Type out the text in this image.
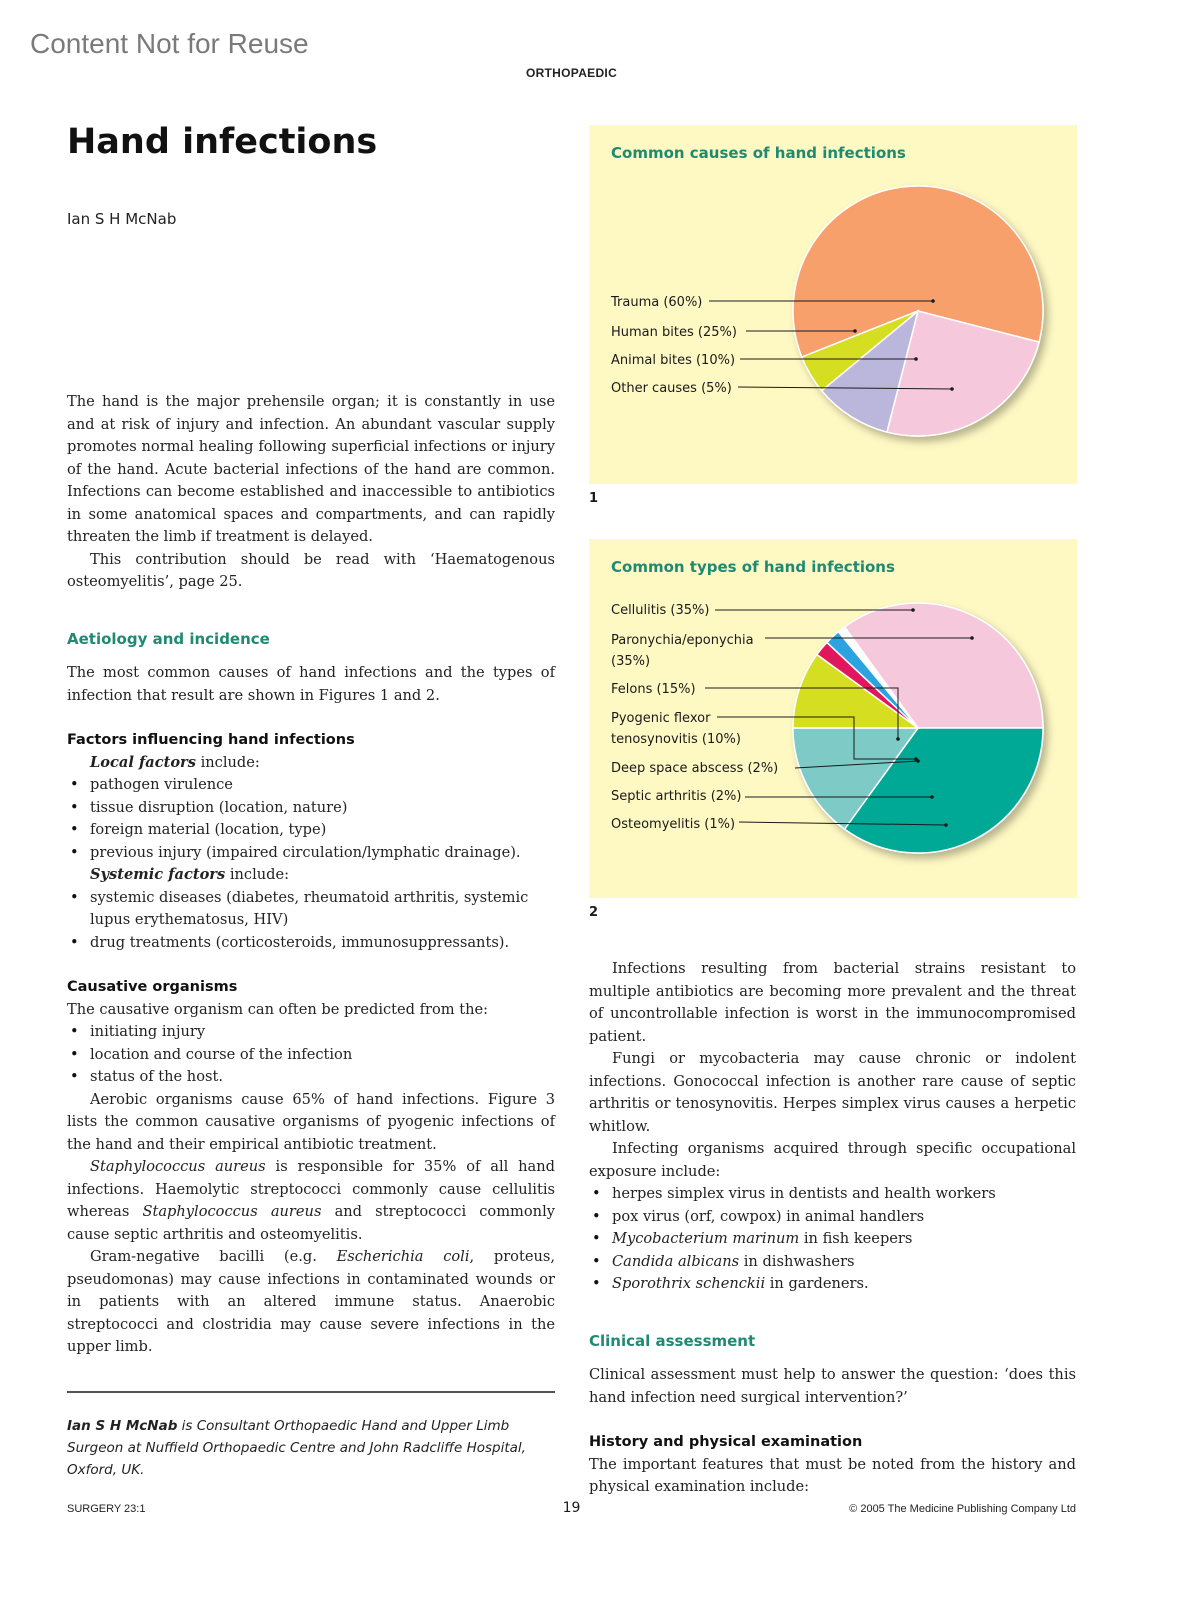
Content Not for Reuse
ORTHOPAEDIC
Hand infections
Ian S H McNab

The hand is the major prehensile organ; it is constantly in use and at risk of injury and infection. An abundant vascular supply promotes normal healing following superficial infections or injury of the hand. Acute bacterial infections of the hand are common. Infections can become established and inaccessible to antibiotics in some anatomical spaces and compartments, and can rapidly threaten the limb if treatment is delayed.

This contribution should be read with ‘Haematogenous osteomyelitis’, page 25.

Aetiology and incidence

The most common causes of hand infections and the types of infection that result are shown in Figures 1 and 2.

Factors influencing hand infections

Local factors include:

• pathogen virulence
• tissue disruption (location, nature)
• foreign material (location, type)
• previous injury (impaired circulation/lymphatic drainage).

Systemic factors include:

• systemic diseases (diabetes, rheumatoid arthritis, systemic lupus erythematosus, HIV)
• drug treatments (corticosteroids, immunosuppressants).

Causative organisms

The causative organism can often be predicted from the:

• initiating injury
• location and course of the infection
• status of the host.

Aerobic organisms cause 65% of hand infections. Figure 3 lists the common causative organisms of pyogenic infections of the hand and their empirical antibiotic treatment.

Staphylococcus aureus is responsible for 35% of all hand infections. Haemolytic streptococci commonly cause cellulitis whereas Staphylococcus aureus and streptococci commonly cause septic arthritis and osteomyelitis.

Gram-negative bacilli (e.g. Escherichia coli, proteus, pseudomonas) may cause infections in contaminated wounds or in patients with an altered immune status. Anaerobic streptococci and clostridia may cause severe infections in the upper limb.

Ian S H McNab is Consultant Orthopaedic Hand and Upper Limb Surgeon at Nuffield Orthopaedic Centre and John Radcliffe Hospital, Oxford, UK.
Common causes of hand infections
Trauma (60%)
Human bites (25%)
Animal bites (10%)
Other causes (5%)
1
Common types of hand infections
Cellulitis (35%)
Paronychia/eponychia
(35%)
Felons (15%)
Pyogenic flexor
tenosynovitis (10%)
Deep space abscess (2%)
Septic arthritis (2%)
Osteomyelitis (1%)
2

Infections resulting from bacterial strains resistant to multiple antibiotics are becoming more prevalent and the threat of uncontrollable infection is worst in the immunocompromised patient.

Fungi or mycobacteria may cause chronic or indolent infections. Gonococcal infection is another rare cause of septic arthritis or tenosynovitis. Herpes simplex virus causes a herpetic whitlow.

Infecting organisms acquired through specific occupational exposure include:

• herpes simplex virus in dentists and health workers
• pox virus (orf, cowpox) in animal handlers
• Mycobacterium marinum in fish keepers
• Candida albicans in dishwashers
• Sporothrix schenckii in gardeners.

Clinical assessment

Clinical assessment must help to answer the question: ‘does this hand infection need surgical intervention?’

History and physical examination

The important features that must be noted from the history and physical examination include:

SURGERY 23:1	19	© 2005 The Medicine Publishing Company Ltd
